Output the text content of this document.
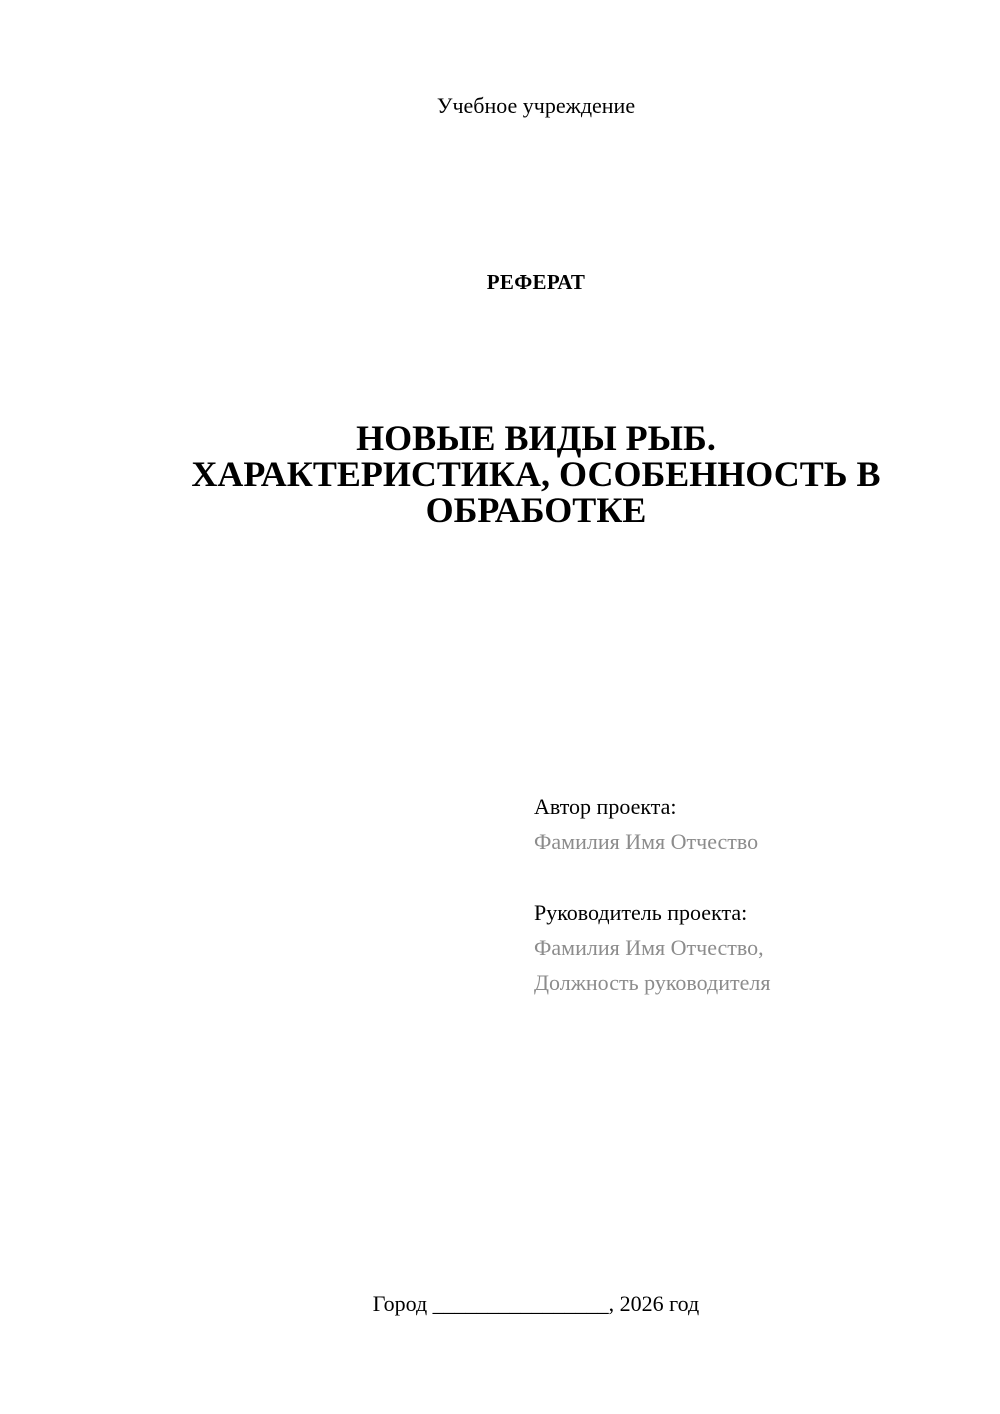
Учебное учреждение
РЕФЕРАТ
НОВЫЕ ВИДЫ РЫБ.
ХАРАКТЕРИСТИКА, ОСОБЕННОСТЬ В
ОБРАБОТКЕ
Автор проекта:
Фамилия Имя Отчество
Руководитель проекта:
Фамилия Имя Отчество,
Должность руководителя
Город ________________, 2026 год
